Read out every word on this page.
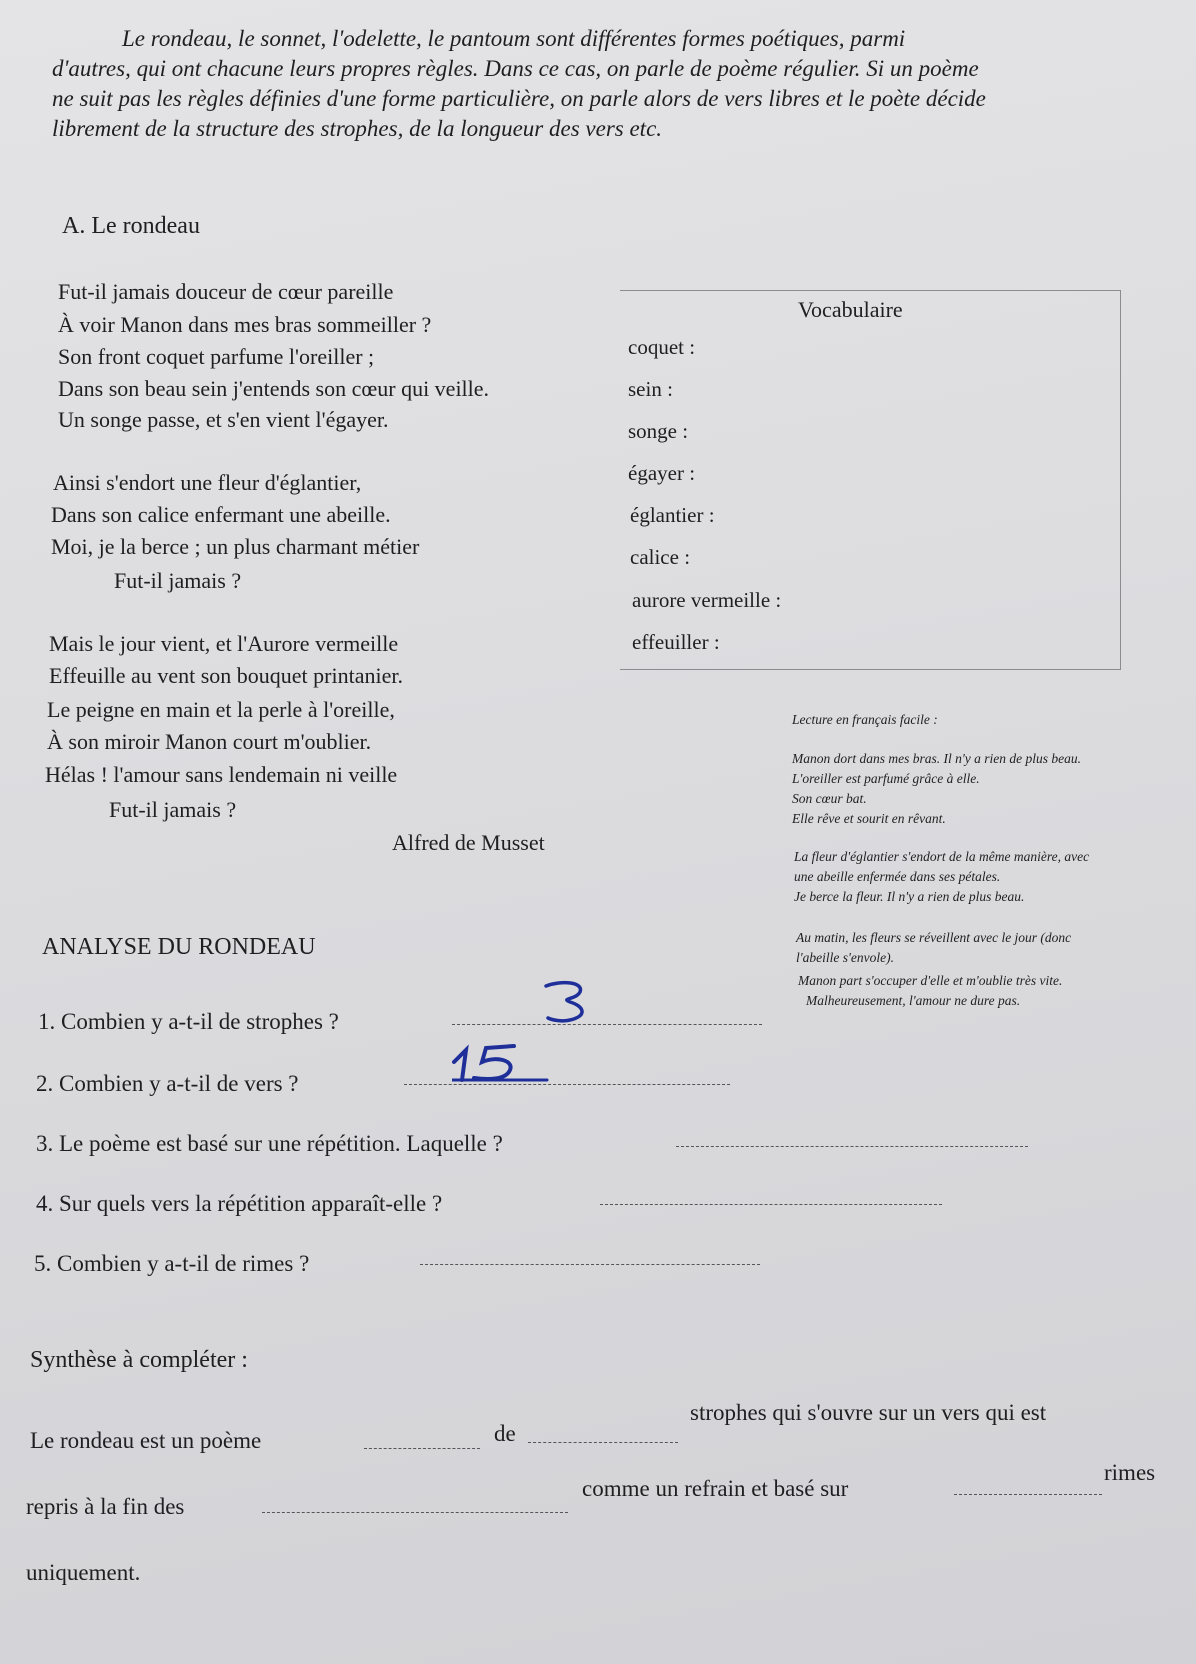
Le rondeau, le sonnet, l'odelette, le pantoum sont différentes formes poétiques, parmi
d'autres, qui ont chacune leurs propres règles. Dans ce cas, on parle de poème régulier. Si un poème
ne suit pas les règles définies d'une forme particulière, on parle alors de vers libres et le poète décide
librement de la structure des strophes, de la longueur des vers etc.
A. Le rondeau
Fut-il jamais douceur de cœur pareille
À voir Manon dans mes bras sommeiller ?
Son front coquet parfume l'oreiller ;
Dans son beau sein j'entends son cœur qui veille.
Un songe passe, et s'en vient l'égayer.
Ainsi s'endort une fleur d'églantier,
Dans son calice enfermant une abeille.
Moi, je la berce ; un plus charmant métier
Fut-il jamais ?
Mais le jour vient, et l'Aurore vermeille
Effeuille au vent son bouquet printanier.
Le peigne en main et la perle à l'oreille,
À son miroir Manon court m'oublier.
Hélas ! l'amour sans lendemain ni veille
Fut-il jamais ?
Alfred de Musset
Vocabulaire
coquet :
sein :
songe :
égayer :
églantier :
calice :
aurore vermeille :
effeuiller :
Lecture en français facile :
Manon dort dans mes bras. Il n'y a rien de plus beau.
L'oreiller est parfumé grâce à elle.
Son cœur bat.
Elle rêve et sourit en rêvant.
La fleur d'églantier s'endort de la même manière, avec
une abeille enfermée dans ses pétales.
Je berce la fleur. Il n'y a rien de plus beau.
Au matin, les fleurs se réveillent avec le jour (donc
l'abeille s'envole).
Manon part s'occuper d'elle et m'oublie très vite.
Malheureusement, l'amour ne dure pas.
ANALYSE DU RONDEAU
1. Combien y a-t-il de strophes ?
2. Combien y a-t-il de vers ?
3. Le poème est basé sur une répétition. Laquelle ?
4. Sur quels vers la répétition apparaît-elle ?
5. Combien y a-t-il de rimes ?
Synthèse à compléter :
Le rondeau est un poème	de
strophes qui s'ouvre sur un vers qui est
repris à la fin des
comme un refrain et basé sur
rimes
uniquement.
